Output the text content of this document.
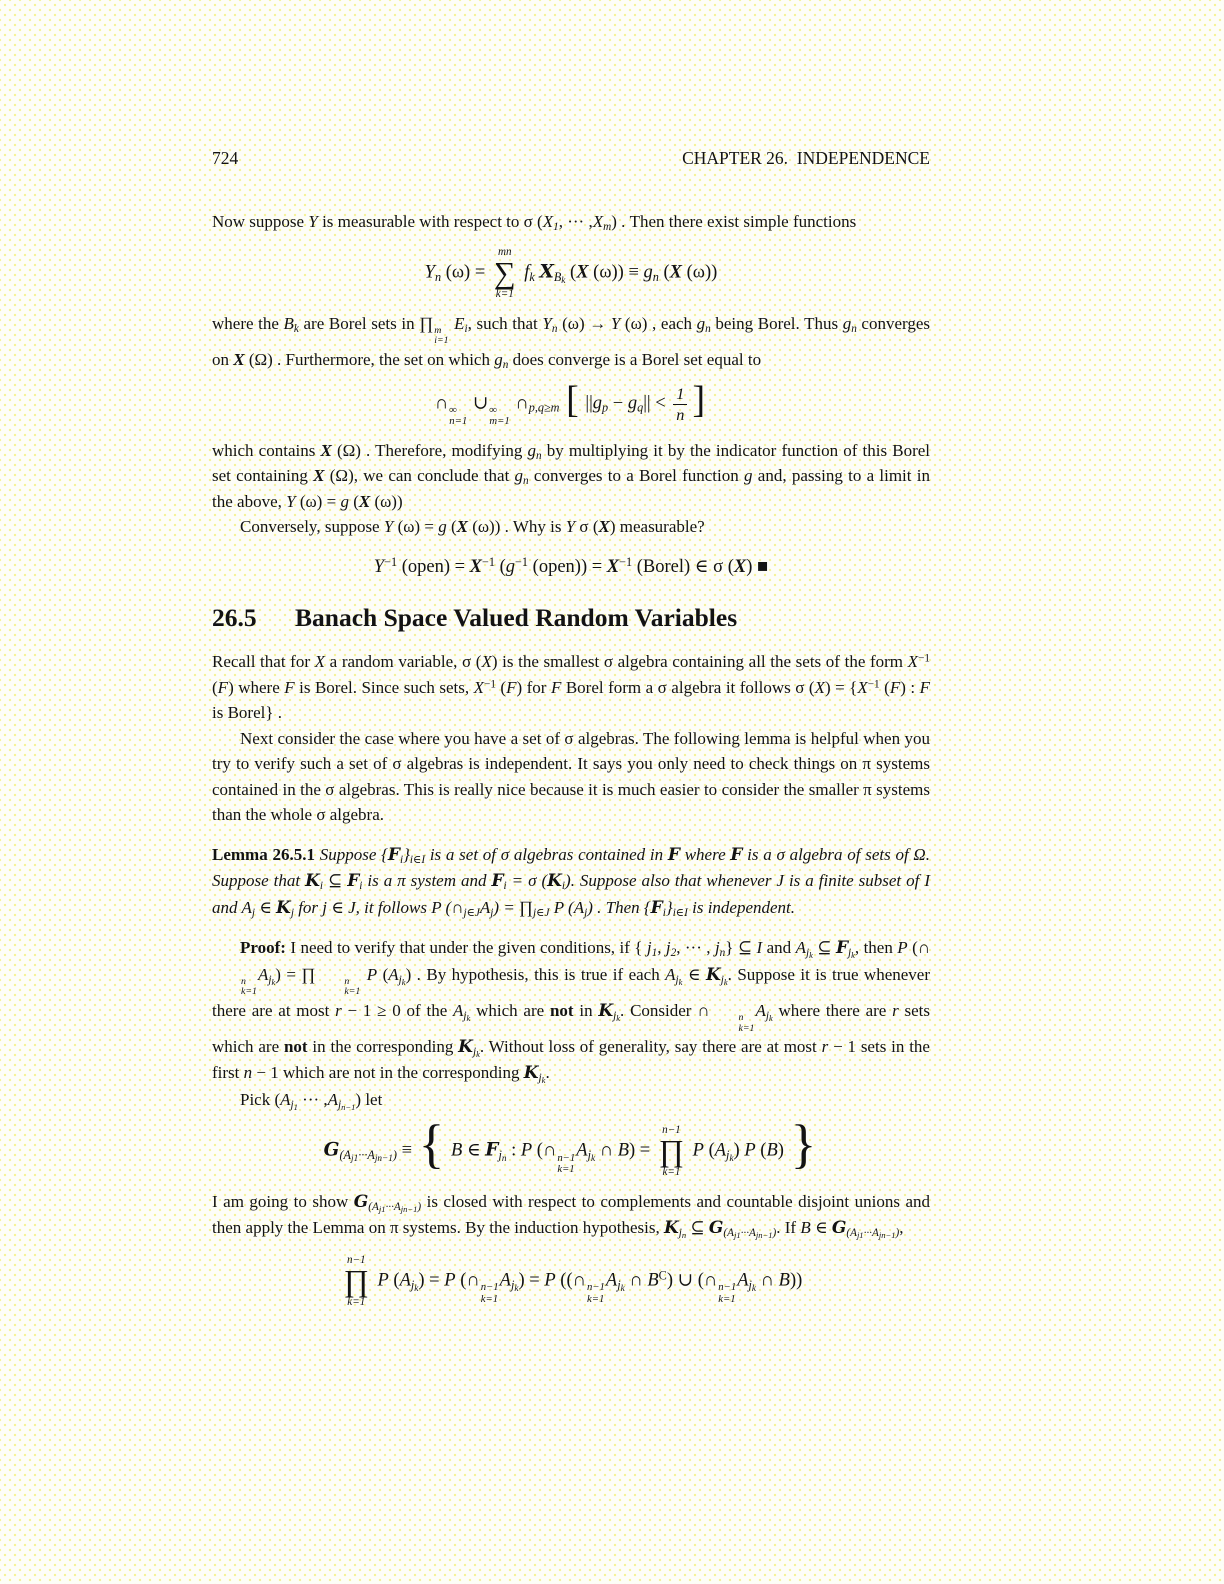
724	CHAPTER 26.  INDEPENDENCE

Now suppose Y is measurable with respect to σ (X1, ··· ,Xm) . Then there exist simple functions

Yn (ω) =
mn
∑
k=1
fk $XB_k$ (X (ω)) ≡ gn (X (ω))

where the Bk are Borel sets in ∏ m
i=1
Ei, such that Yn (ω) → Y (ω) , each gn being Borel. Thus gn converges on X (Ω) . Furthermore, the set on which gn does converge is a Borel set equal to

∩ ∞
n=1
∪ ∞
m=1
∩p,q≥m [ $||gp - gq|| < \frac{1}{n}$ ]

which contains X (Ω) . Therefore, modifying gn by multiplying it by the indicator function of this Borel set containing X (Ω), we can conclude that gn converges to a Borel function g and, passing to a limit in the above, Y (ω) = g (X (ω))

Conversely, suppose Y (ω) = g (X (ω)) . Why is Y σ (X) measurable?

$Y^{-1}$ (open) = $X^{-1}$ ($g^{-1}$ (open)) = $X^{-1}$ (Borel) ∈ σ (X) ■
26.5 Banach Space Valued Random Variables

Recall that for X a random variable, σ (X) is the smallest σ algebra containing all the sets of the form $X^{-1}$ (F) where F is Borel. Since such sets, $X^{-1}$ (F) for F Borel form a σ algebra it follows σ $(X) = \{X^{-1}$ (F) : F is Borel} .

Next consider the case where you have a set of σ algebras. The following lemma is helpful when you try to verify such a set of σ algebras is independent. It says you only need to check things on π systems contained in the σ algebras. This is really nice because it is much easier to consider the smaller π systems than the whole σ algebra.

Lemma 26.5.1 Suppose {Fi}i∈I is a set of σ algebras contained in F where F is a σ algebra of sets of Ω. Suppose that Ki ⊆ Fi is a π system and Fi = σ (Ki). Suppose also that whenever J is a finite subset of I and Aj ∈ Kj for j ∈ J, it follows P (∩j∈JAj) = ∏j∈J P (Aj) . Then {Fi}i∈I is independent.

Proof: I need to verify that under the given conditions, if { j1, j2, ··· , jn} ⊆ I and $Aj_k$ ⊆ $Fj_k$, then P (∩
n
k=1
$Aj_k$) = ∏	n
k=1
P $(Aj_k)$ . By hypothesis, this is true if each $Aj_k$ ∈ $Kj_k$. Suppose it is true whenever there are at most r − 1 ≥ 0 of the $Aj_k$ which are not in $Kj_k$. Consider ∩	n
k=1
$Aj_k$ where there are r sets which are not in the corresponding $Kj_k$. Without loss of generality, say there are at most r − 1 sets in the first n − 1 which are not in the corresponding $Kj_k$.

Pick ($Aj_1$ ··· $,Aj_{n-1}$) let

$G(A_{j1}\cdot\cdot\cdot A_{jn-1})$ ≡ { B ∈ $Fj_n$ : P (∩ n−1
k=1
$Aj_k$ ∩ B) =
n−1
∏
k=1
P $(Aj_k)$ P (B) }

I am going to show $G(A_{j1}\cdot\cdot\cdot A_{jn-1})$ is closed with respect to complements and countable disjoint unions and then apply the Lemma on π systems. By the induction hypothesis, $Kj_n$ ⊆ $G(A_{j1}\cdot\cdot\cdot A_{jn-1})$. If B ∈ $G(A_{j1}\cdot\cdot\cdot A_{jn-1})$,

n−1
∏
k=1
P $(Aj_k) = P$ (∩ n−1
k=1
$Aj_k) = P$ ((∩ n−1
k=1
$Aj_k$ ∩ $B^C$) ∪ (∩ n−1
k=1
$Aj_k$ ∩ B))
